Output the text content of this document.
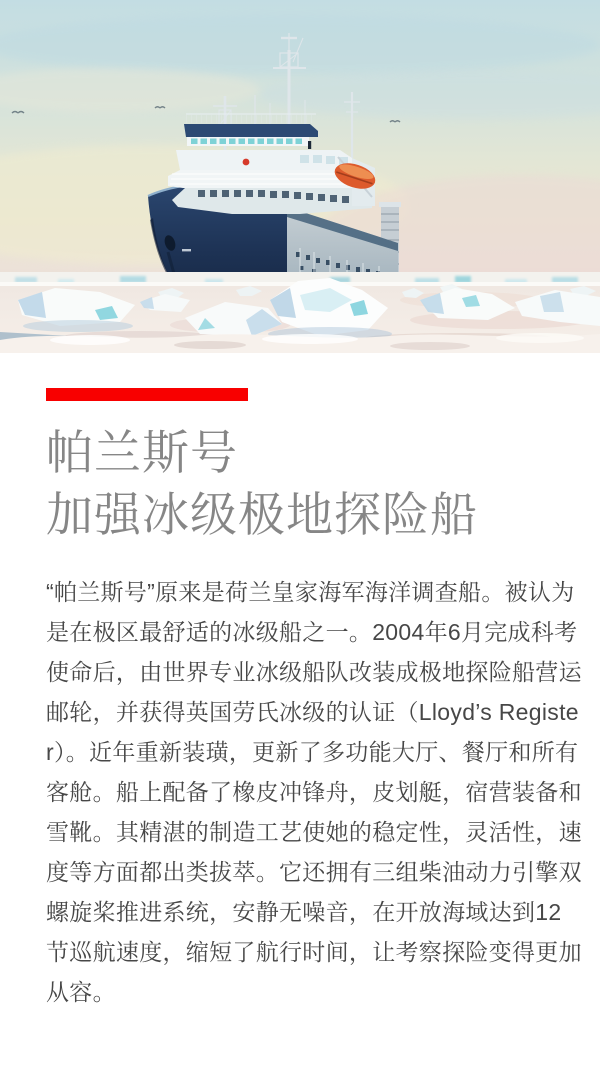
帕兰斯号
加强冰级极地探险船

“帕兰斯号”原来是荷兰皇家海军海洋调查船。被认为是在极区最舒适的冰级船之一。2004年6月完成科考使命后，由世界专业冰级船队改装成极地探险船营运邮轮，并获得英国劳氏冰级的认证（Lloyd’s Register）。近年重新装璜，更新了多功能大厅、餐厅和所有客舱。船上配备了橡皮冲锋舟，皮划艇，宿营装备和雪靴。其精湛的制造工艺使她的稳定性，灵活性，速度等方面都出类拔萃。它还拥有三组柴油动力引擎双螺旋桨推进系统，安静无噪音，在开放海域达到12节巡航速度，缩短了航行时间，让考察探险变得更加从容。
